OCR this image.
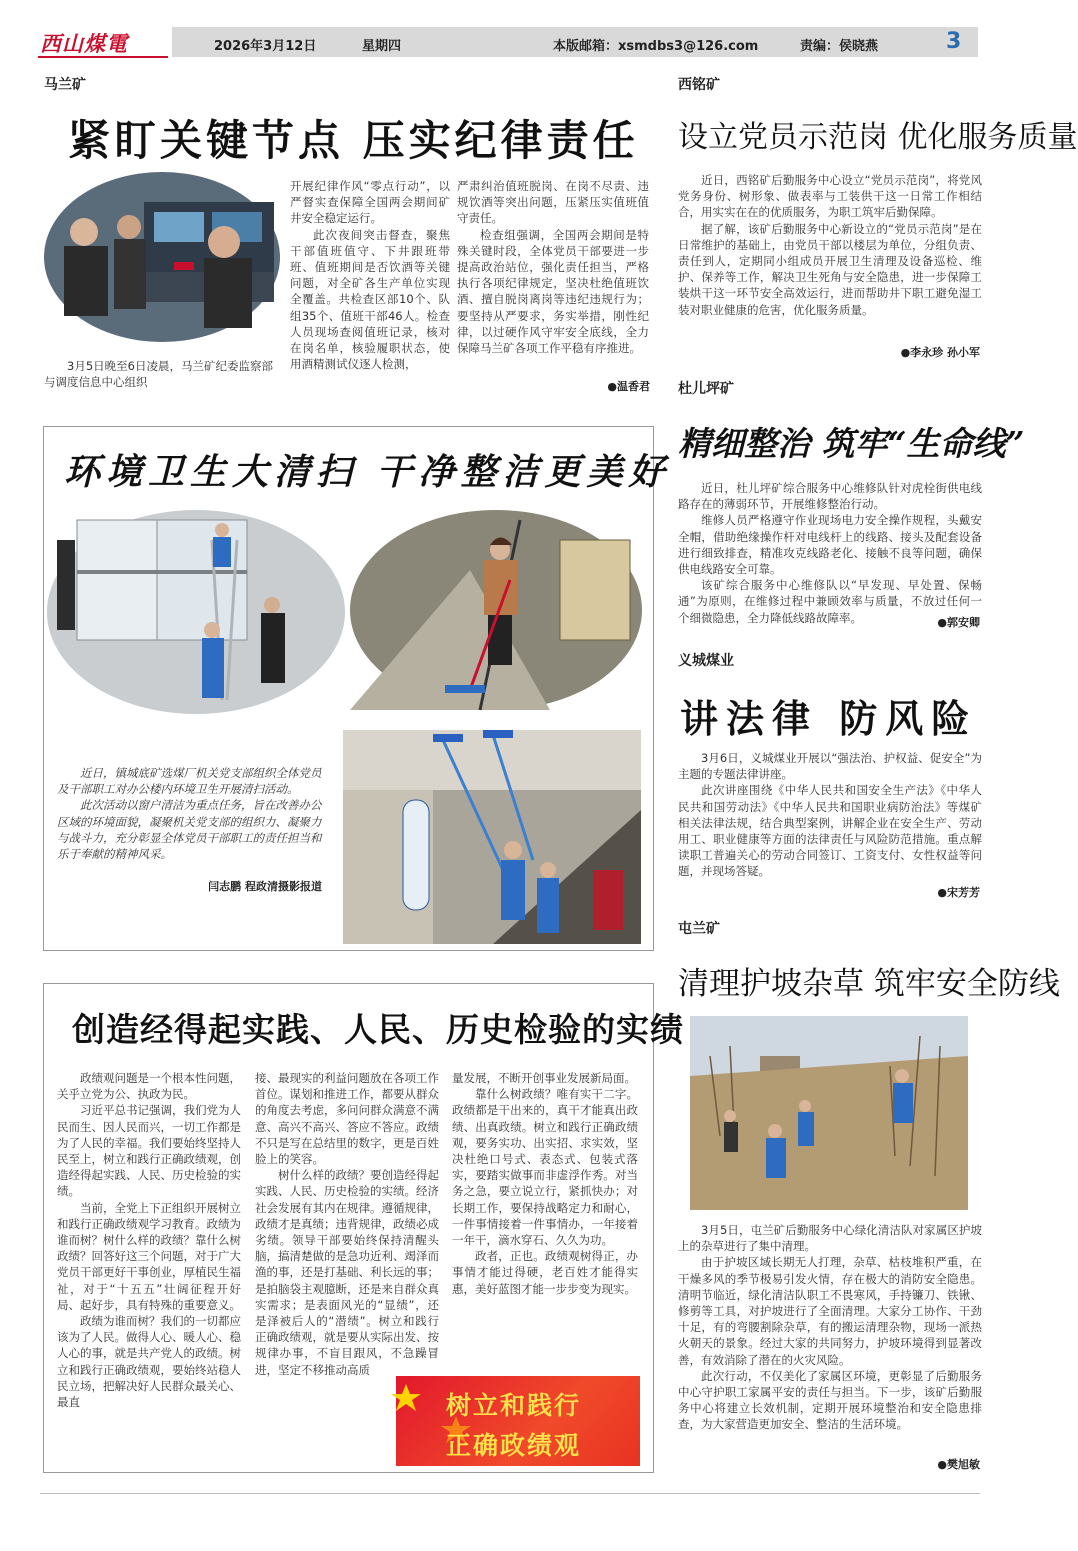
西山煤電	2026年3月12日	星期四	本版邮箱：xsmdbs3@126.com	责编：侯晓燕	3
马兰矿
紧盯关键节点 压实纪律责任

3月5日晚至6日凌晨，马兰矿纪委监察部与调度信息中心组织

开展纪律作风“零点行动”，以严督实查保障全国两会期间矿井安全稳定运行。

此次夜间突击督查，聚焦干部值班值守、下井跟班带班、值班期间是否饮酒等关键问题，对全矿各生产单位实现全覆盖。共检查区部10个、队组35个、值班干部46人。检查人员现场查阅值班记录，核对在岗名单，核验履职状态，使用酒精测试仪逐人检测，

严肃纠治值班脱岗、在岗不尽责、违规饮酒等突出问题，压紧压实值班值守责任。

检查组强调，全国两会期间是特殊关键时段，全体党员干部要进一步提高政治站位，强化责任担当，严格执行各项纪律规定，坚决杜绝值班饮酒、擅自脱岗离岗等违纪违规行为；要坚持从严要求，务实举措，刚性纪律，以过硬作风守牢安全底线，全力保障马兰矿各项工作平稳有序推进。

●温香君
环境卫生大清扫 干净整洁更美好

近日，镇城底矿选煤厂机关党支部组织全体党员及干部职工对办公楼内环境卫生开展清扫活动。

此次活动以窗户清洁为重点任务，旨在改善办公区域的环境面貌，凝聚机关党支部的组织力、凝聚力与战斗力，充分彰显全体党员干部职工的责任担当和乐于奉献的精神风采。

闫志鹏 程政清摄影报道
创造经得起实践、人民、历史检验的实绩

政绩观问题是一个根本性问题，关乎立党为公、执政为民。

习近平总书记强调，我们党为人民而生、因人民而兴，一切工作都是为了人民的幸福。我们要始终坚持人民至上，树立和践行正确政绩观，创造经得起实践、人民、历史检验的实绩。

当前，全党上下正组织开展树立和践行正确政绩观学习教育。政绩为谁而树？树什么样的政绩？靠什么树政绩？回答好这三个问题，对于广大党员干部更好干事创业，厚植民生福祉，对于“十五五”壮阔征程开好局、起好步，具有特殊的重要意义。

政绩为谁而树？我们的一切都应该为了人民。做得人心、暖人心、稳人心的事，就是共产党人的政绩。树立和践行正确政绩观，要始终站稳人民立场，把解决好人民群众最关心、最直

接、最现实的利益问题放在各项工作首位。谋划和推进工作，都要从群众的角度去考虑，多问问群众满意不满意、高兴不高兴、答应不答应。政绩不只是写在总结里的数字，更是百姓脸上的笑容。

树什么样的政绩？要创造经得起实践、人民、历史检验的实绩。经济社会发展有其内在规律。遵循规律，政绩才是真绩；违背规律，政绩必成劣绩。领导干部要始终保持清醒头脑，搞清楚做的是急功近利、竭泽而渔的事，还是打基础、利长远的事；是拍脑袋主观臆断，还是来自群众真实需求；是表面风光的“显绩”，还是泽被后人的“潜绩”。树立和践行正确政绩观，就是要从实际出发、按规律办事，不盲目跟风，不急躁冒进，坚定不移推动高质

量发展，不断开创事业发展新局面。

靠什么树政绩？唯有实干二字。政绩都是干出来的，真干才能真出政绩、出真政绩。树立和践行正确政绩观，要务实功、出实招、求实效，坚决杜绝口号式、表态式、包装式落实，要踏实做事而非虚浮作秀。对当务之急，要立说立行，紧抓快办；对长期工作，要保持战略定力和耐心，一件事情接着一件事情办，一年接着一年干，滴水穿石、久久为功。

政者，正也。政绩观树得正，办事情才能过得硬，老百姓才能得实惠，美好蓝图才能一步步变为现实。

树立和践行
正确政绩观
西铭矿
设立党员示范岗 优化服务质量

近日，西铭矿后勤服务中心设立“党员示范岗”，将党风党务身份、树形象、做表率与工装供干这一日常工作相结合，用实实在在的优质服务，为职工筑牢后勤保障。

据了解，该矿后勤服务中心新设立的“党员示范岗”是在日常维护的基础上，由党员干部以楼层为单位，分组负责、责任到人，定期同小组成员开展卫生清理及设备巡检、维护、保养等工作，解决卫生死角与安全隐患，进一步保障工装烘干这一环节安全高效运行，进而帮助井下职工避免湿工装对职业健康的危害，优化服务质量。

●李永珍 孙小军
杜儿坪矿
精细整治 筑牢“生命线”

近日，杜儿坪矿综合服务中心维修队针对虎栓街供电线路存在的薄弱环节，开展维修整治行动。

维修人员严格遵守作业现场电力安全操作规程，头戴安全帽，借助绝缘操作杆对电线杆上的线路、接头及配套设备进行细致排查，精准攻克线路老化、接触不良等问题，确保供电线路安全可靠。

该矿综合服务中心维修队以“早发现、早处置、保畅通”为原则，在维修过程中兼顾效率与质量，不放过任何一个细微隐患，全力降低线路故障率。	●郭安卿
义城煤业
讲法律 防风险

3月6日，义城煤业开展以“强法治、护权益、促安全”为主题的专题法律讲座。

此次讲座围绕《中华人民共和国安全生产法》《中华人民共和国劳动法》《中华人民共和国职业病防治法》等煤矿相关法律法规，结合典型案例，讲解企业在安全生产、劳动用工、职业健康等方面的法律责任与风险防范措施。重点解读职工普遍关心的劳动合同签订、工资支付、女性权益等问题，并现场答疑。

●宋芳芳
屯兰矿
清理护坡杂草 筑牢安全防线

3月5日，屯兰矿后勤服务中心绿化清洁队对家属区护坡上的杂草进行了集中清理。

由于护坡区域长期无人打理，杂草、枯枝堆积严重，在干燥多风的季节极易引发火情，存在极大的消防安全隐患。清明节临近，绿化清洁队职工不畏寒风，手持镰刀、铁锹、修剪等工具，对护坡进行了全面清理。大家分工协作、干劲十足，有的弯腰割除杂草，有的搬运清理杂物，现场一派热火朝天的景象。经过大家的共同努力，护坡环境得到显著改善，有效消除了潜在的火灾风险。

此次行动，不仅美化了家属区环境，更彰显了后勤服务中心守护职工家属平安的责任与担当。下一步，该矿后勤服务中心将建立长效机制，定期开展环境整治和安全隐患排查，为大家营造更加安全、整洁的生活环境。

●樊旭敏
